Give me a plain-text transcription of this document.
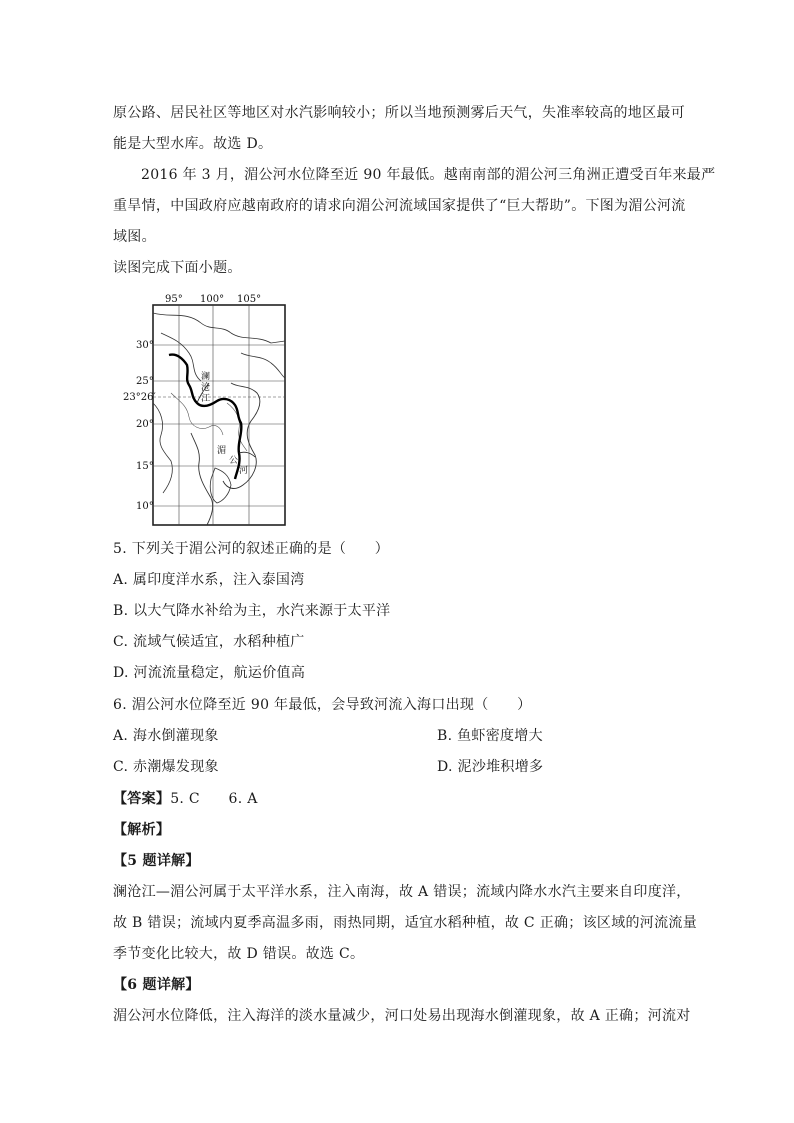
原公路、居民社区等地区对水汽影响较小；所以当地预测雾后天气，失准率较高的地区最可
能是大型水库。故选 D。
2016 年 3 月，湄公河水位降至近 90 年最低。越南南部的湄公河三角洲正遭受百年来最严
重旱情，中国政府应越南政府的请求向湄公河流域国家提供了“巨大帮助”。下图为湄公河流
域图。
读图完成下面小题。
澜
沧
江
湄
公
河
95° 100° 105°
30°
25°
23°26′
20°
15°
10°
5. 下列关于湄公河的叙述正确的是（　　）
A. 属印度洋水系，注入泰国湾
B. 以大气降水补给为主，水汽来源于太平洋
C. 流域气候适宜，水稻种植广
D. 河流流量稳定，航运价值高
6. 湄公河水位降至近 90 年最低，会导致河流入海口出现（　　）
A. 海水倒灌现象	B. 鱼虾密度增大
C. 赤潮爆发现象	D. 泥沙堆积增多
【答案】5. C　　6. A
【解析】
【5 题详解】
澜沧江—湄公河属于太平洋水系，注入南海，故 A 错误；流域内降水水汽主要来自印度洋，
故 B 错误；流域内夏季高温多雨，雨热同期，适宜水稻种植，故 C 正确；该区域的河流流量
季节变化比较大，故 D 错误。故选 C。
【6 题详解】
湄公河水位降低，注入海洋的淡水量减少，河口处易出现海水倒灌现象，故 A 正确；河流对
